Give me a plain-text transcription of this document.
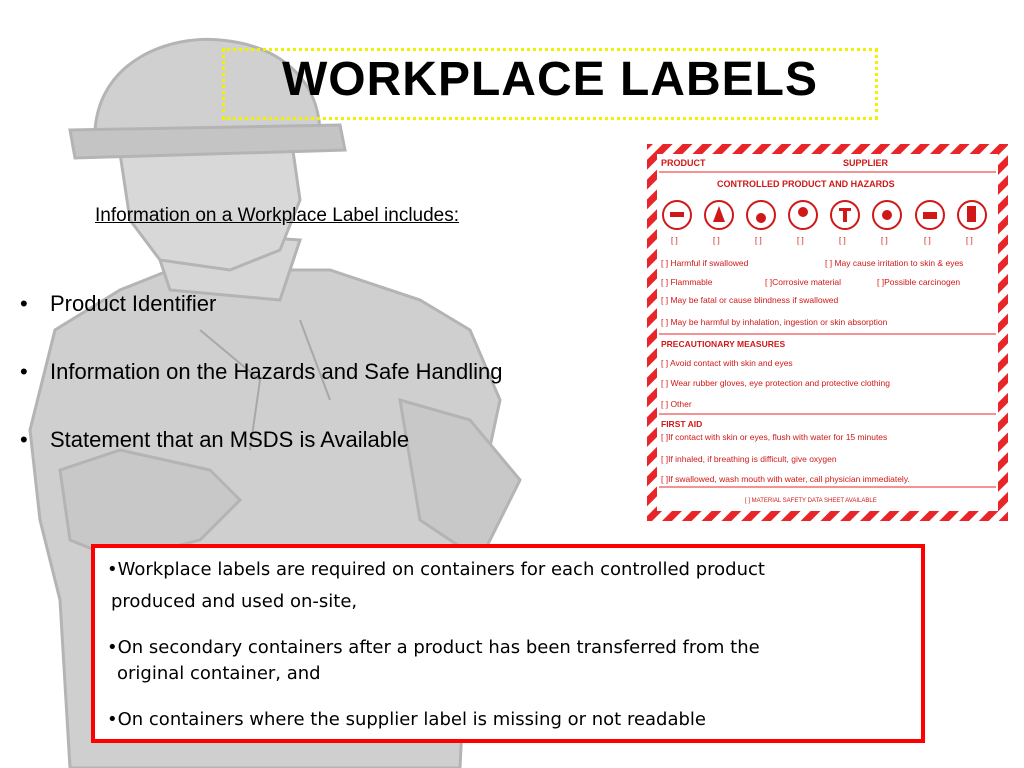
WORKPLACE LABELS
Information on a Workplace Label includes:
• Product Identifier
• Information on the Hazards and Safe Handling
• Statement that an MSDS is Available
PRODUCT	SUPPLIER
CONTROLLED PRODUCT AND HAZARDS
[ ]	[ ]	[ ]	[ ]	[ ]	[ ]	[ ]	[ ]
[ ] Harmful if swallowed	[ ] May cause irritation to skin & eyes
[ ] Flammable	[ ]Corrosive material	[ ]Possible carcinogen
[ ] May be fatal or cause blindness if swallowed
[ ] May be harmful by inhalation, ingestion or skin absorption
PRECAUTIONARY MEASURES
[ ] Avoid contact with skin and eyes
[ ] Wear rubber gloves, eye protection and protective clothing
[ ] Other
FIRST AID
[ ]If contact with skin or eyes, flush with water for 15 minutes
[ ]If inhaled, if breathing is difficult, give oxygen
[ ]If swallowed, wash mouth with water, call physician immediately.
[ ] MATERIAL SAFETY DATA SHEET AVAILABLE

•Workplace labels are required on containers for each controlled product

produced and used on-site,

•On secondary containers after a product has been transferred from the

original container, and

•On containers where the supplier label is missing or not readable
